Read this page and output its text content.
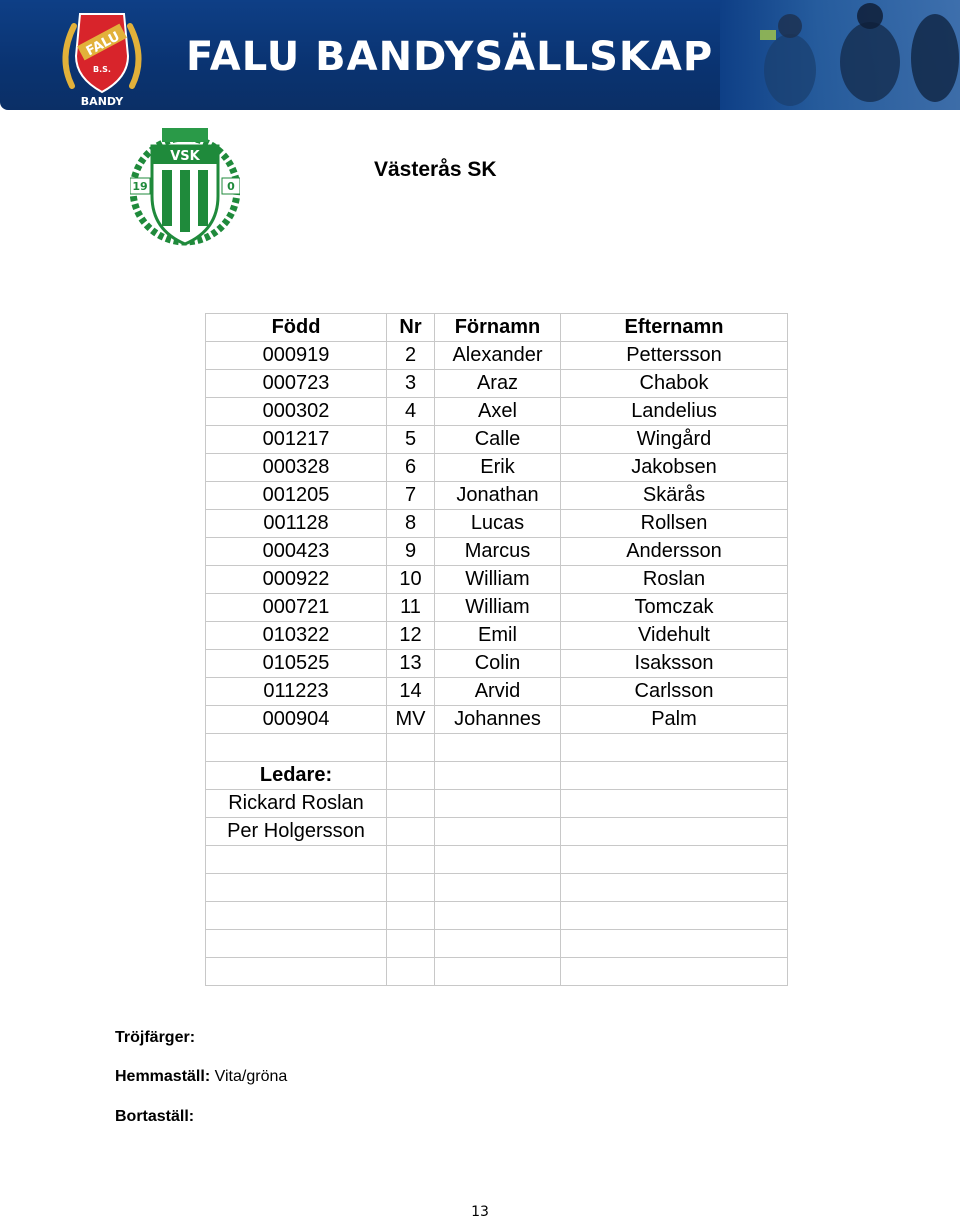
FALU
B.S.
BANDY
FALU BANDYSÄLLSKAP
VSK
19	0
Västerås SK
Född	Nr	Förnamn	Efternamn
000919	2	Alexander	Pettersson
000723	3	Araz	Chabok
000302	4	Axel	Landelius
001217	5	Calle	Wingård
000328	6	Erik	Jakobsen
001205	7	Jonathan	Skärås
001128	8	Lucas	Rollsen
000423	9	Marcus	Andersson
000922	10	William	Roslan
000721	11	William	Tomczak
010322	12	Emil	Videhult
010525	13	Colin	Isaksson
011223	14	Arvid	Carlsson
000904	MV	Johannes	Palm

Ledare:			
Rickard Roslan			
Per Holgersson			

Tröjfärger:
Hemmaställ: Vita/gröna
Bortaställ:
13
